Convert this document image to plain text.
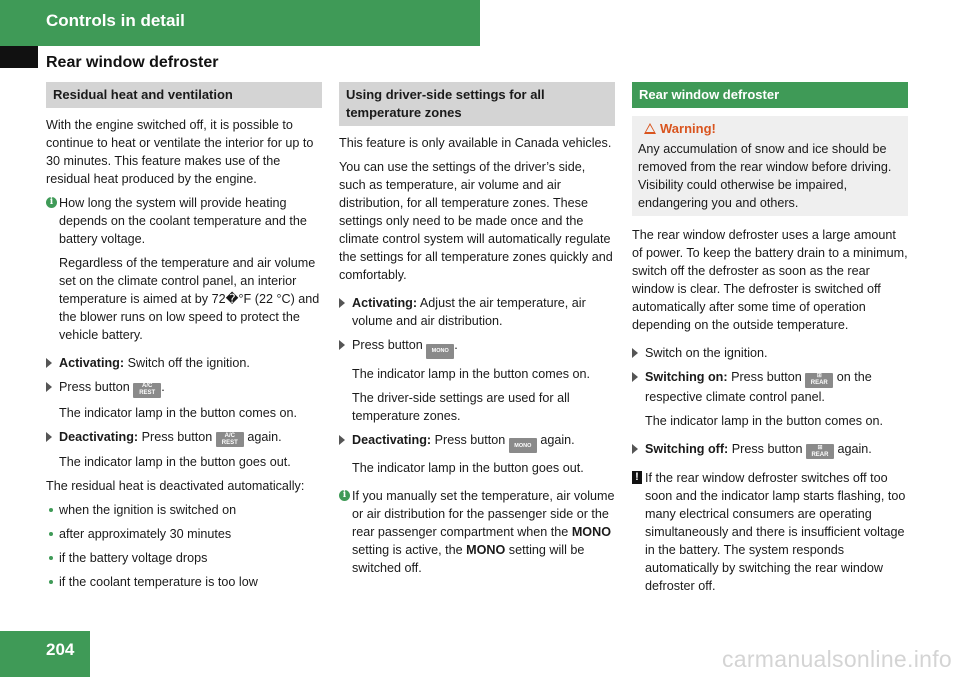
Controls in detail
Rear window defroster
Residual heat and ventilation

With the engine switched off, it is possible to continue to heat or ventilate the interior for up to 30 minutes. This feature makes use of the residual heat produced by the engine.

i How long the system will provide heating depends on the coolant temperature and the battery voltage.

Regardless of the temperature and air volume set on the climate control panel, an interior temperature is aimed at by 72�°F (22 °C) and the blower runs on low speed to protect the vehicle battery.

Activating: Switch off the ignition.
Press button A/C
REST .

The indicator lamp in the button comes on.

Deactivating: Press button A/C
REST again.

The indicator lamp in the button goes out.

The residual heat is deactivated automatically:

when the ignition is switched on
after approximately 30 minutes
if the battery voltage drops
if the coolant temperature is too low
Using driver-side settings for all temperature zones

This feature is only available in Canada vehicles.

You can use the settings of the driver’s side, such as temperature, air volume and air distribution, for all temperature zones. These settings only need to be made once and the climate control system will automatically regulate the settings for all temperature zones quickly and comfortably.

Activating: Adjust the air temperature, air volume and air distribution.
Press button MONO .

The indicator lamp in the button comes on.

The driver-side settings are used for all temperature zones.

Deactivating: Press button MONO again.

The indicator lamp in the button goes out.

i If you manually set the temperature, air volume or air distribution for the passenger side or the rear passenger compartment when the MONO setting is active, the MONO setting will be switched off.
Rear window defroster
Warning!
Any accumulation of snow and ice should be removed from the rear window before driving. Visibility could otherwise be impaired, endangering you and others.

The rear window defroster uses a large amount of power. To keep the battery drain to a minimum, switch off the defroster as soon as the rear window is clear. The defroster is switched off automatically after some time of operation depending on the outside temperature.

Switch on the ignition.
Switching on: Press button ⊞
REAR on the respective climate control panel.

The indicator lamp in the button comes on.

Switching off: Press button ⊞
REAR again.
! If the rear window defroster switches off too soon and the indicator lamp starts flashing, too many electrical consumers are operating simultaneously and there is insufficient voltage in the battery. The system responds automatically by switching the rear window defroster off.
204	carmanualsonline.info
